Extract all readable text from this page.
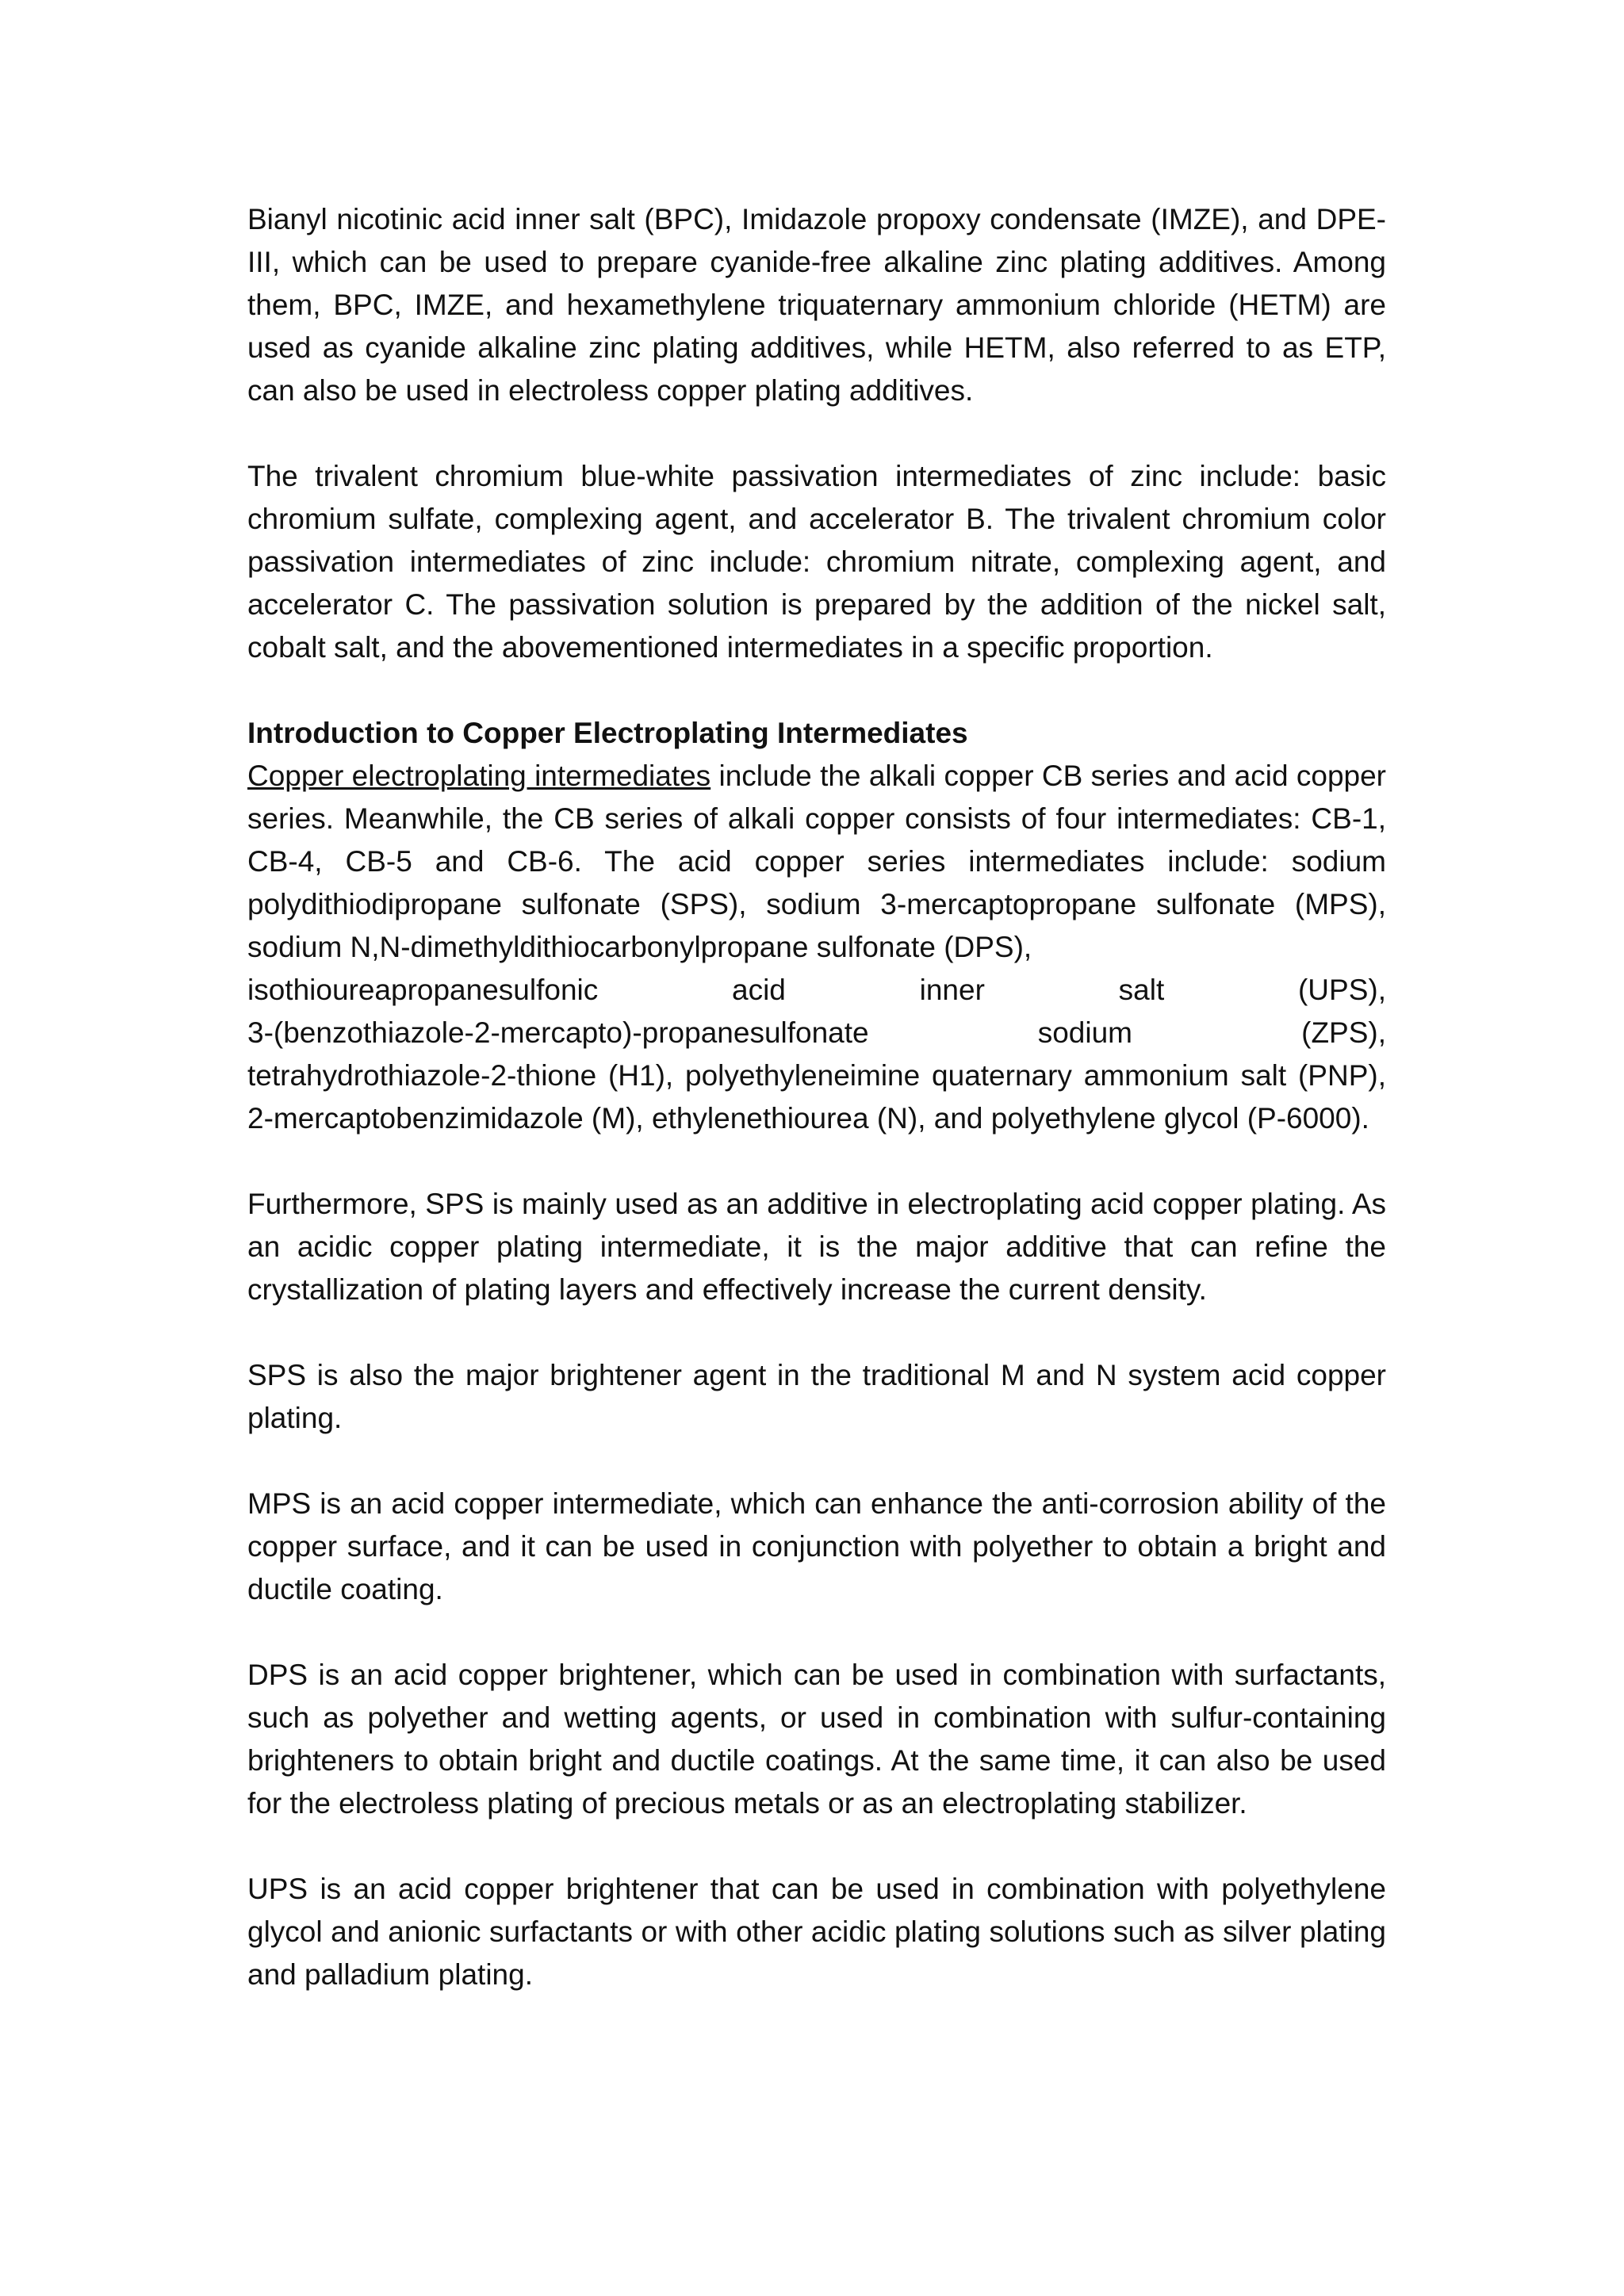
Bianyl nicotinic acid inner salt (BPC), Imidazole propoxy condensate (IMZE), and DPE-III, which can be used to prepare cyanide-free alkaline zinc plating additives. Among them, BPC, IMZE, and hexamethylene triquaternary ammonium chloride (HETM) are used as cyanide alkaline zinc plating additives, while HETM, also referred to as ETP, can also be used in electroless copper plating additives.

The trivalent chromium blue-white passivation intermediates of zinc include: basic chromium sulfate, complexing agent, and accelerator B. The trivalent chromium color passivation intermediates of zinc include: chromium nitrate, complexing agent, and accelerator C. The passivation solution is prepared by the addition of the nickel salt, cobalt salt, and the abovementioned intermediates in a specific proportion.

Introduction to Copper Electroplating Intermediates

Copper electroplating intermediates include the alkali copper CB series and acid copper series. Meanwhile, the CB series of alkali copper consists of four intermediates: CB-1, CB-4, CB-5 and CB-6. The acid copper series intermediates include: sodium polydithiodipropane sulfonate (SPS), sodium 3-mercaptopropane sulfonate (MPS), sodium N,N-dimethyldithiocarbonylpropane sulfonate (DPS),
isothioureapropanesulfonic acid inner salt (UPS),
3-(benzothiazole-2-mercapto)-propanesulfonate sodium (ZPS),
tetrahydrothiazole-2-thione (H1), polyethyleneimine quaternary ammonium salt (PNP), 2-mercaptobenzimidazole (M), ethylenethiourea (N), and polyethylene glycol (P-6000).

Furthermore, SPS is mainly used as an additive in electroplating acid copper plating. As an acidic copper plating intermediate, it is the major additive that can refine the crystallization of plating layers and effectively increase the current density.

SPS is also the major brightener agent in the traditional M and N system acid copper plating.

MPS is an acid copper intermediate, which can enhance the anti-corrosion ability of the copper surface, and it can be used in conjunction with polyether to obtain a bright and ductile coating.

DPS is an acid copper brightener, which can be used in combination with surfactants, such as polyether and wetting agents, or used in combination with sulfur-containing brighteners to obtain bright and ductile coatings. At the same time, it can also be used for the electroless plating of precious metals or as an electroplating stabilizer.

UPS is an acid copper brightener that can be used in combination with polyethylene glycol and anionic surfactants or with other acidic plating solutions such as silver plating and palladium plating.
